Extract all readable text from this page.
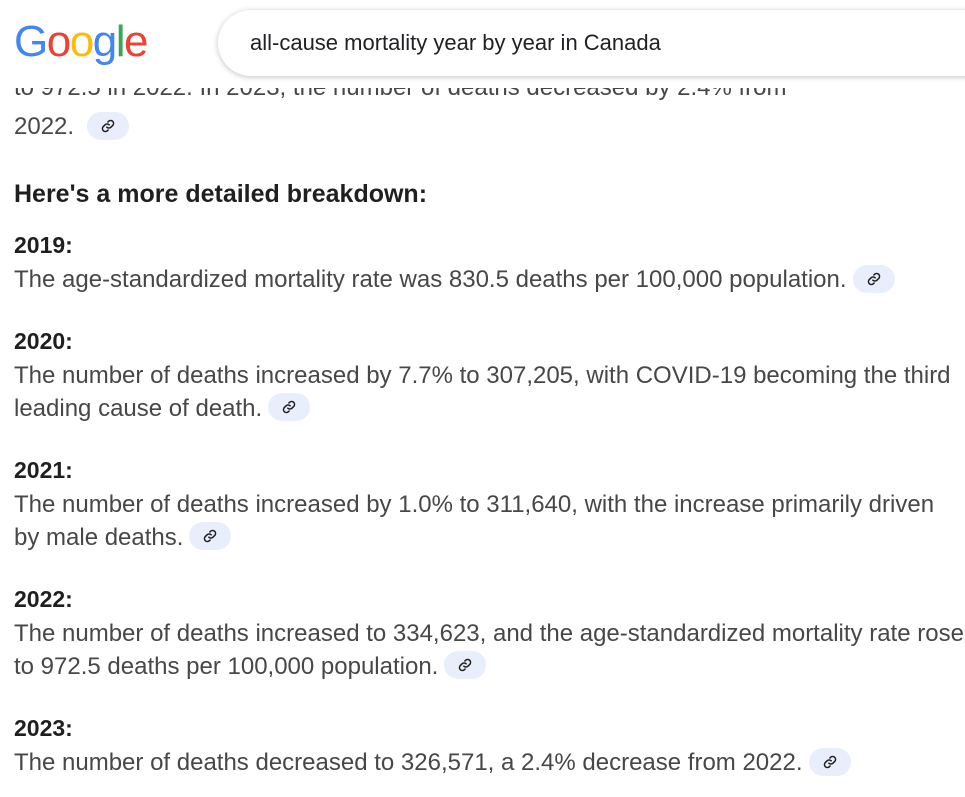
2022.
Here's a more detailed breakdown:
2019:
The age-standardized mortality rate was 830.5 deaths per 100,000 population.
2020:
The number of deaths increased by 7.7% to 307,205, with COVID-19 becoming the third leading cause of death.
2021:
The number of deaths increased by 1.0% to 311,640, with the increase primarily driven by male deaths.
2022:
The number of deaths increased to 334,623, and the age-standardized mortality rate rose to 972.5 deaths per 100,000 population.
2023:
The number of deaths decreased to 326,571, a 2.4% decrease from 2022.
Google
all-cause mortality year by year in Canada
